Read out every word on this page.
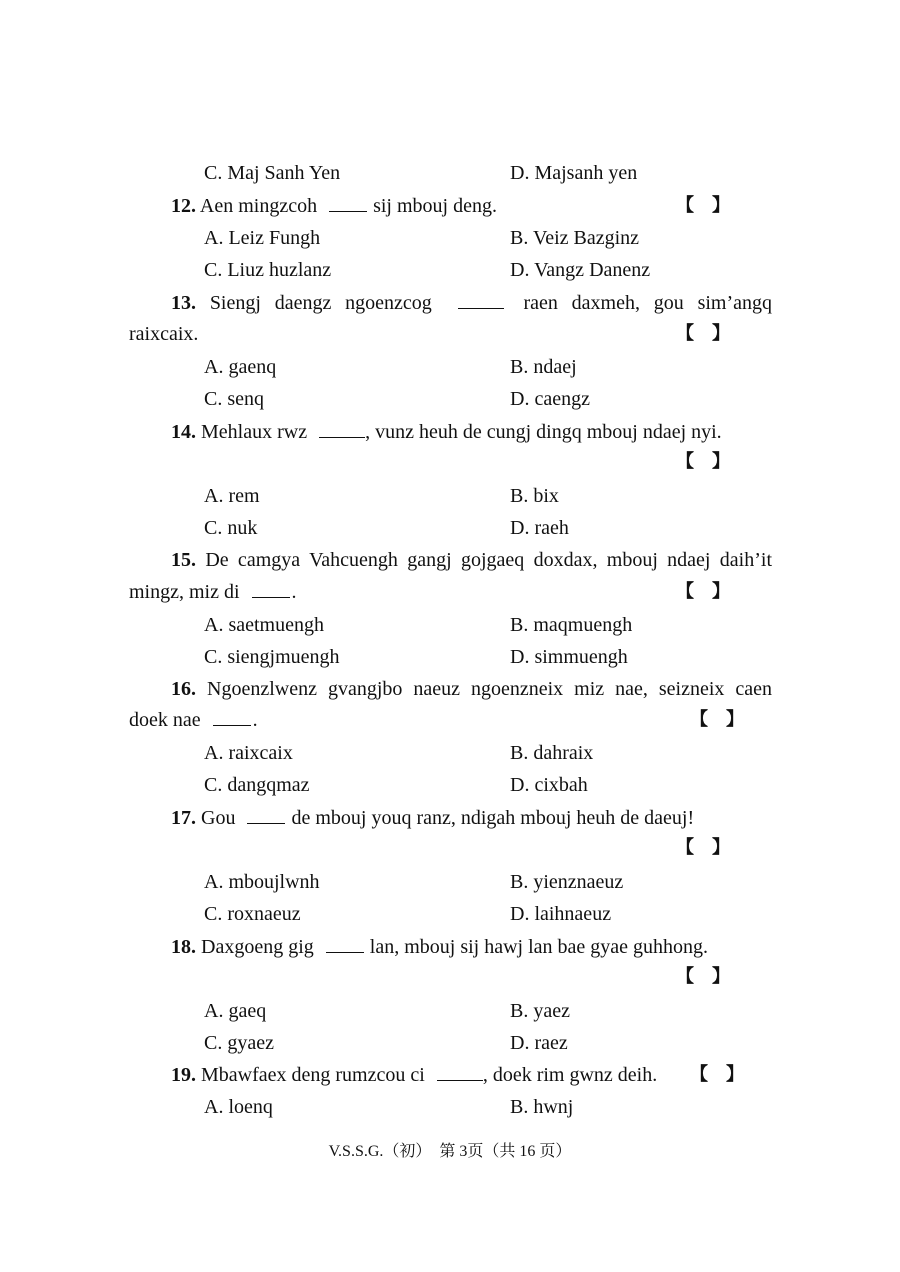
C. Maj Sanh Yen	D. Majsanh yen
12. Aen mingzcoh	sij mbouj deng.	【　】
A. Leiz Fungh	B. Veiz Bazginz
C. Liuz huzlanz	D. Vangz Danenz
13. Siengj daengz ngoenzcog	raen daxmeh, gou sim’angq
raixcaix.	【　】
A. gaenq	B. ndaej
C. senq	D. caengz
14. Mehlaux rwz	, vunz heuh de cungj dingq mbouj ndaej nyi.
【　】
A. rem	B. bix
C. nuk	D. raeh
15. De camgya Vahcuengh gangj gojgaeq doxdax, mbouj ndaej daih’it
mingz, miz di	.	【　】
A. saetmuengh	B. maqmuengh
C. siengjmuengh	D. simmuengh
16. Ngoenzlwenz gvangjbo naeuz ngoenzneix miz nae, seizneix caen
doek nae	.	【　】
A. raixcaix	B. dahraix
C. dangqmaz	D. cixbah
17. Gou	de mbouj youq ranz, ndigah mbouj heuh de daeuj!
【　】
A. mboujlwnh	B. yienznaeuz
C. roxnaeuz	D. laihnaeuz
18. Daxgoeng gig	lan, mbouj sij hawj lan bae gyae guhhong.
【　】
A. gaeq	B. yaez
C. gyaez	D. raez
19. Mbawfaex deng rumzcou ci	, doek rim gwnz deih. 【　】
A. loenq	B. hwnj
V.S.S.G.（初）　第 3页（共 16 页）
